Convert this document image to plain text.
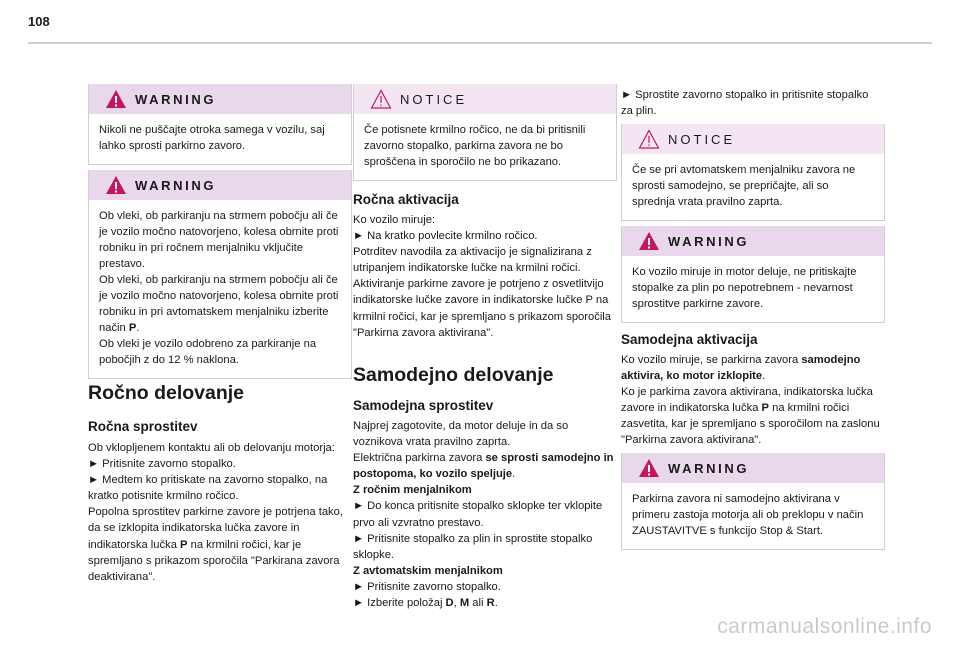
108
WARNING

Nikoli ne puščajte otroka samega v vozilu, saj lahko sprosti parkirno zavoro.

WARNING

Ob vleki, ob parkiranju na strmem pobočju ali če je vozilo močno natovorjeno, kolesa obrnite proti robniku in pri ročnem menjalniku vključite prestavo.

Ob vleki, ob parkiranju na strmem pobočju ali če je vozilo močno natovorjeno, kolesa obrnite proti robniku in pri avtomatskem menjalniku izberite način P.

Ob vleki je vozilo odobreno za parkiranje na pobočjih z do 12 % naklona.

Ročno delovanje
Ročna sprostitev

Ob vklopljenem kontaktu ali ob delovanju motorja:

► Pritisnite zavorno stopalko.

► Medtem ko pritiskate na zavorno stopalko, na kratko potisnite krmilno ročico.

Popolna sprostitev parkirne zavore je potrjena tako, da se izklopita indikatorska lučka zavore in indikatorska lučka P na krmilni ročici, kar je spremljano s prikazom sporočila "Parkirana zavora deaktivirana".

NOTICE

Če potisnete krmilno ročico, ne da bi pritisnili zavorno stopalko, parkirna zavora ne bo sproščena in sporočilo ne bo prikazano.

Ročna aktivacija

Ko vozilo miruje:

► Na kratko povlecite krmilno ročico.

Potrditev navodila za aktivacijo je signalizirana z utripanjem indikatorske lučke na krmilni ročici. Aktiviranje parkirne zavore je potrjeno z osvetlitvijo indikatorske lučke zavore in indikatorske lučke P na krmilni ročici, kar je spremljano s prikazom sporočila "Parkirna zavora aktivirana".

Samodejno delovanje
Samodejna sprostitev

Najprej zagotovite, da motor deluje in da so voznikova vrata pravilno zaprta.

Električna parkirna zavora se sprosti samodejno in postopoma, ko vozilo speljuje.

Z ročnim menjalnikom

► Do konca pritisnite stopalko sklopke ter vklopite prvo ali vzvratno prestavo.

► Pritisnite stopalko za plin in sprostite stopalko sklopke.

Z avtomatskim menjalnikom

► Pritisnite zavorno stopalko.

► Izberite položaj D, M ali R.

► Sprostite zavorno stopalko in pritisnite stopalko za plin.

NOTICE

Če se pri avtomatskem menjalniku zavora ne sprosti samodejno, se prepričajte, ali so sprednja vrata pravilno zaprta.

WARNING

Ko vozilo miruje in motor deluje, ne pritiskajte stopalke za plin po nepotrebnem - nevarnost sprostitve parkirne zavore.

Samodejna aktivacija

Ko vozilo miruje, se parkirna zavora samodejno aktivira, ko motor izklopite.

Ko je parkirna zavora aktivirana, indikatorska lučka zavore in indikatorska lučka P na krmilni ročici zasvetita, kar je spremljano s sporočilom na zaslonu "Parkirna zavora aktivirana".

WARNING

Parkirna zavora ni samodejno aktivirana v primeru zastoja motorja ali ob preklopu v način ZAUSTAVITVE s funkcijo Stop & Start.

carmanualsonline.info
